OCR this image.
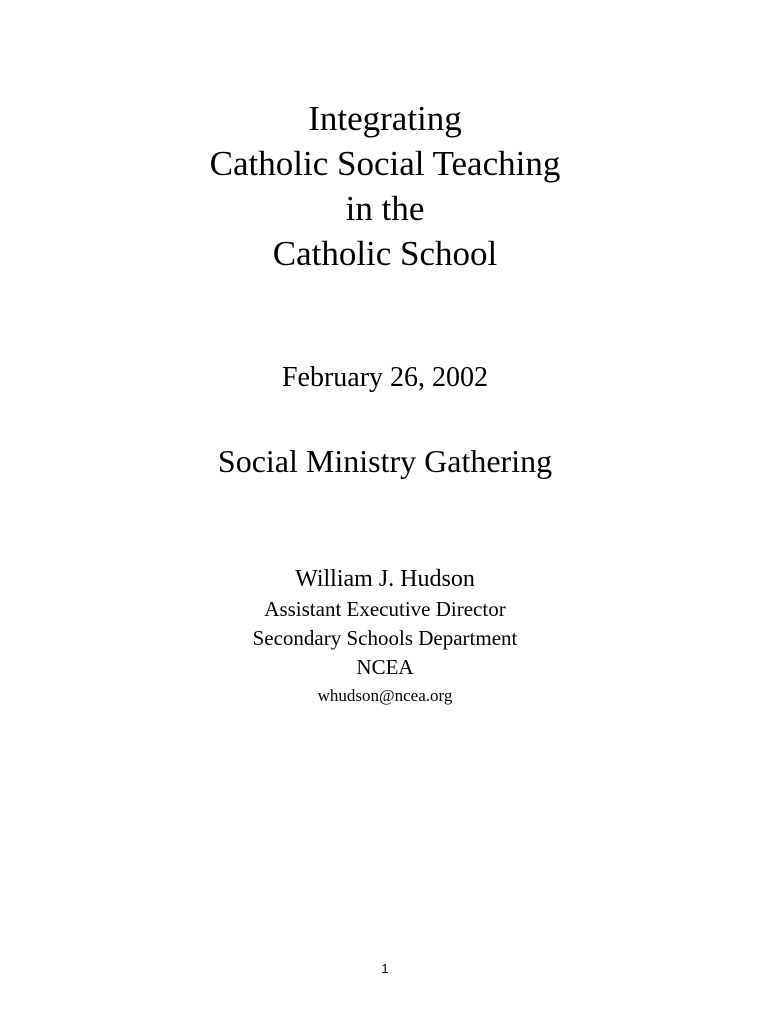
Integrating
Catholic Social Teaching
in the
Catholic School
February 26, 2002
Social Ministry Gathering
William J. Hudson
Assistant Executive Director
Secondary Schools Department
NCEA
whudson@ncea.org
1
